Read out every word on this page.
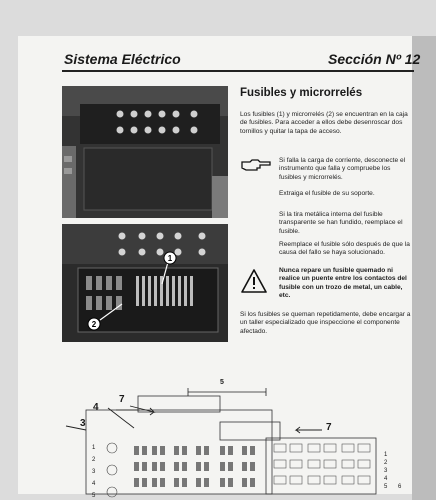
Sistema Eléctrico	Sección Nº 12
1
2
Fusibles y microrrelés
Los fusibles (1) y microrrelés (2) se encuentran en la caja de fusibles. Para acceder a ellos debe desenroscar dos tornillos y quitar la tapa de acceso.
Si falla la carga de corriente, desconecte el instrumento que falla y compruebe los fusibles y microrrelés.
Extraiga el fusible de su soporte.
Si la tira metálica interna del fusible transparente se han fundido, reemplace el fusible.
Reemplace el fusible sólo después de que la causa del fallo se haya solucionado.
Nunca repare un fusible quemado ni realice un puente entre los contactos del fusible con un trozo de metal, un cable, etc.
Si los fusibles se queman repetidamente, debe encargar a un taller especializado que inspeccione el componente afectado.
7
4
3
5
7
1
2
3
4
5
1
2
3
4
5 6
